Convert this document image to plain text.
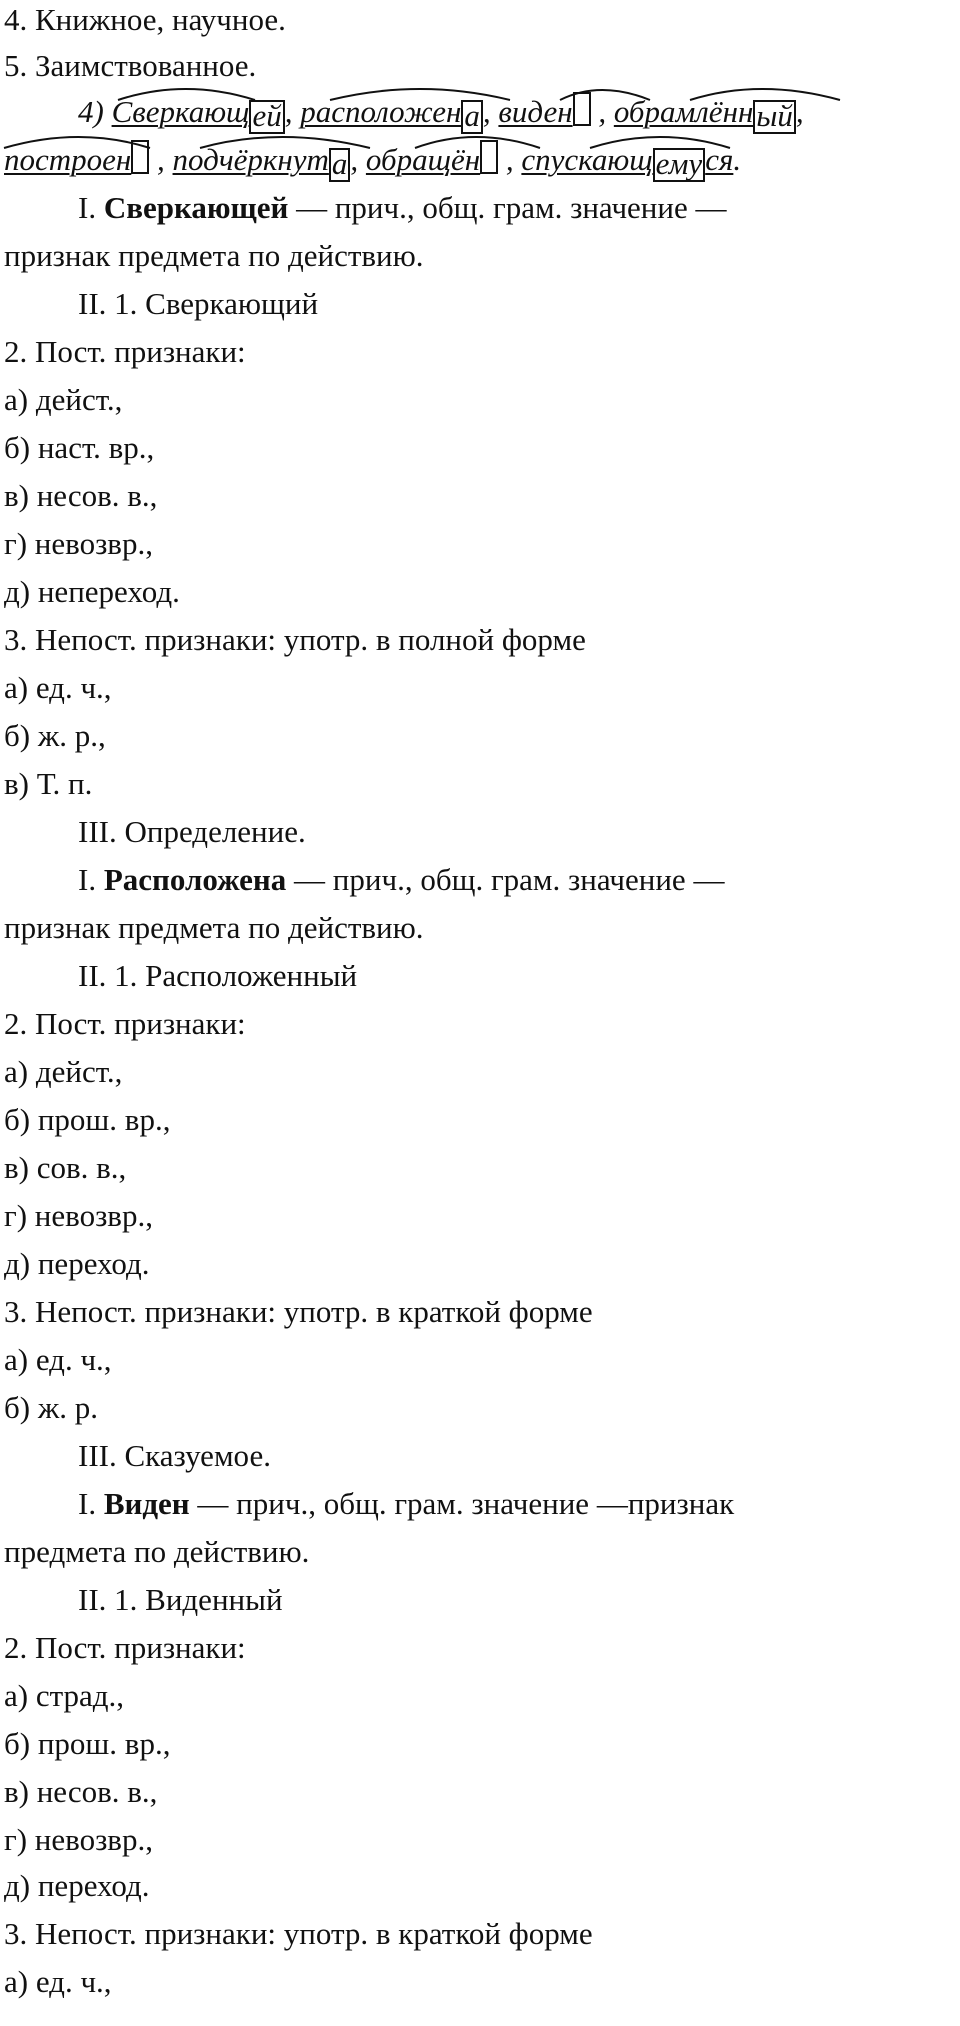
4. Книжное, научное.
5. Заимствованное.
4) Сверкающей, расположена, виден , обрамлённый,
построен , подчёркнута, обращён , спускающемуся.
I. Сверкающей — прич., общ. грам. значение —
признак предмета по действию.
II. 1. Сверкающий
2. Пост. признаки:
а) дейст.,
б) наст. вр.,
в) несов. в.,
г) невозвр.,
д) непереход.
3. Непост. признаки: употр. в полной форме
а) ед. ч.,
б) ж. р.,
в) Т. п.
III. Определение.
I. Расположена — прич., общ. грам. значение —
признак предмета по действию.
II. 1. Расположенный
2. Пост. признаки:
а) дейст.,
б) прош. вр.,
в) сов. в.,
г) невозвр.,
д) переход.
3. Непост. признаки: употр. в краткой форме
а) ед. ч.,
б) ж. р.
III. Сказуемое.
I. Виден — прич., общ. грам. значение —признак
предмета по действию.
II. 1. Виденный
2. Пост. признаки:
а) страд.,
б) прош. вр.,
в) несов. в.,
г) невозвр.,
д) переход.
3. Непост. признаки: употр. в краткой форме
а) ед. ч.,
